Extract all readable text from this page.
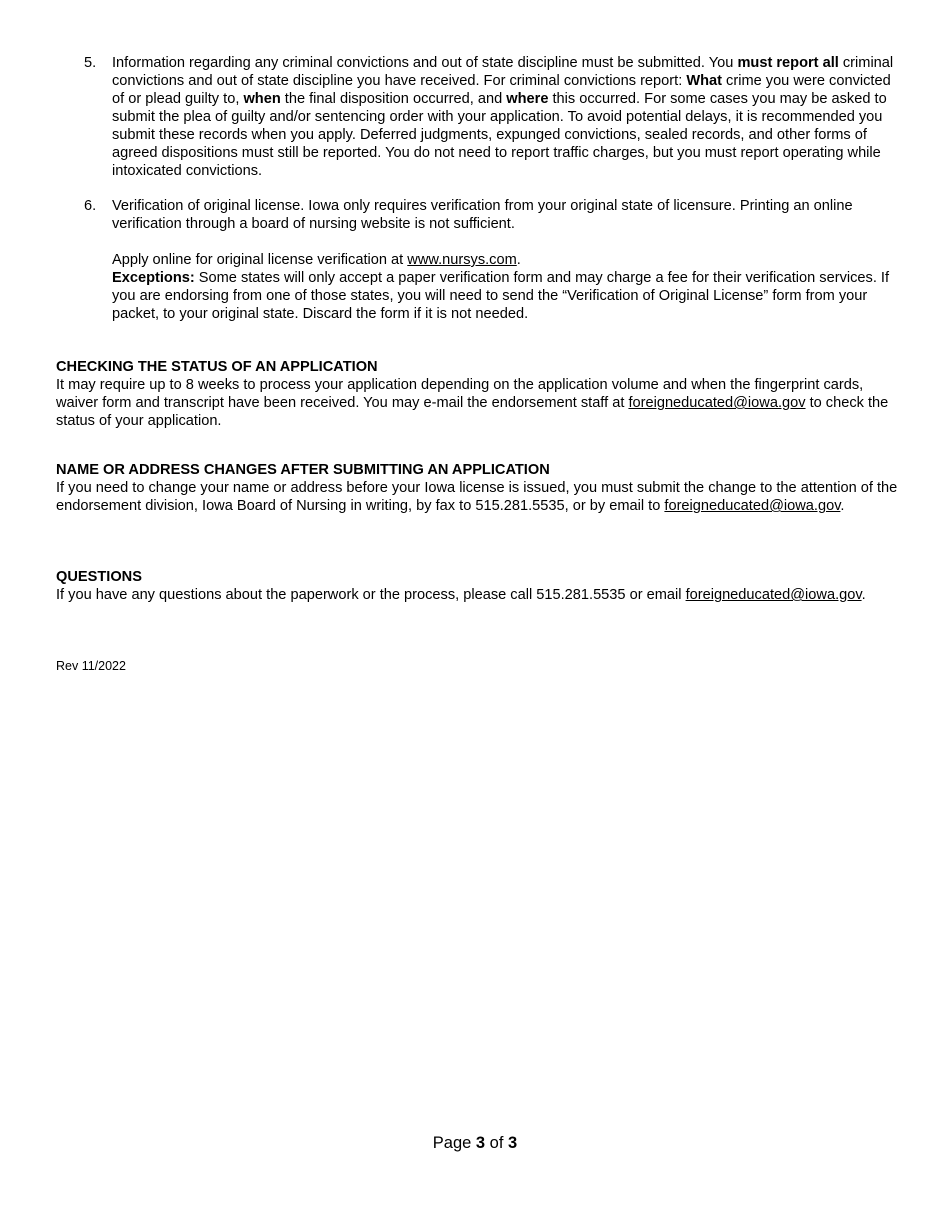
5. Information regarding any criminal convictions and out of state discipline must be submitted. You must report all criminal convictions and out of state discipline you have received. For criminal convictions report: What crime you were convicted of or plead guilty to, when the final disposition occurred, and where this occurred. For some cases you may be asked to submit the plea of guilty and/or sentencing order with your application. To avoid potential delays, it is recommended you submit these records when you apply. Deferred judgments, expunged convictions, sealed records, and other forms of agreed dispositions must still be reported. You do not need to report traffic charges, but you must report operating while intoxicated convictions.

6. Verification of original license. Iowa only requires verification from your original state of licensure. Printing an online verification through a board of nursing website is not sufficient.

Apply online for original license verification at www.nursys.com.

Exceptions: Some states will only accept a paper verification form and may charge a fee for their verification services. If you are endorsing from one of those states, you will need to send the “Verification of Original License” form from your packet, to your original state. Discard the form if it is not needed.

CHECKING THE STATUS OF AN APPLICATION

It may require up to 8 weeks to process your application depending on the application volume and when the fingerprint cards, waiver form and transcript have been received. You may e-mail the endorsement staff at foreigneducated@iowa.gov to check the status of your application.

NAME OR ADDRESS CHANGES AFTER SUBMITTING AN APPLICATION

If you need to change your name or address before your Iowa license is issued, you must submit the change to the attention of the endorsement division, Iowa Board of Nursing in writing, by fax to 515.281.5535, or by email to foreigneducated@iowa.gov.

QUESTIONS

If you have any questions about the paperwork or the process, please call 515.281.5535 or email foreigneducated@iowa.gov.

Rev 11/2022
Page 3 of 3
